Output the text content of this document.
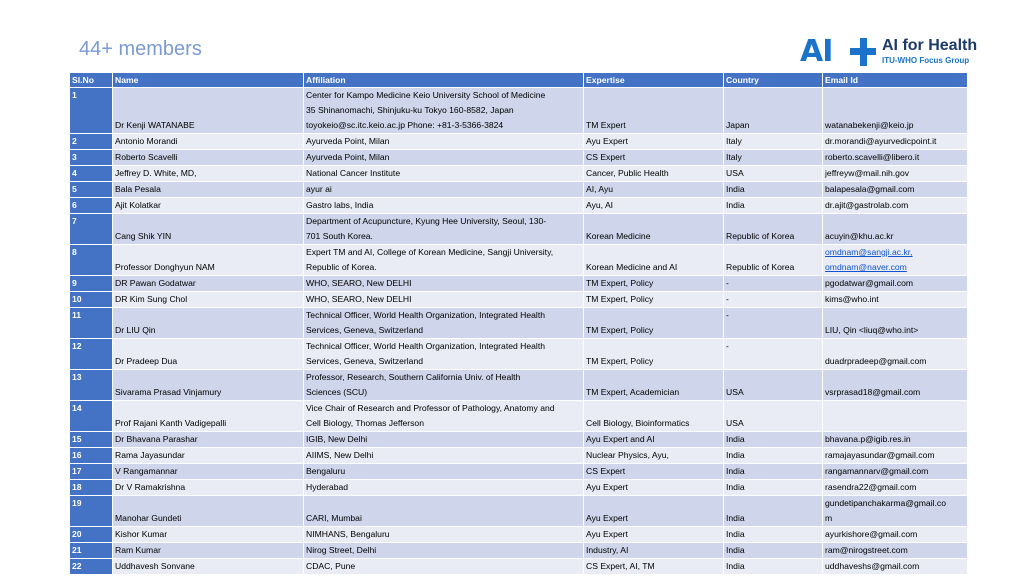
44+ members	AI	AI for Health
ITU-WHO Focus Group
Sl.No	Name	Affiliation	Expertise	Country	Email Id
1	Dr Kenji WATANABE	Center for Kampo Medicine Keio University School of Medicine
35 Shinanomachi, Shinjuku-ku Tokyo 160-8582, Japan
toyokeio@sc.itc.keio.ac.jp Phone: +81-3-5366-3824	TM Expert	Japan	watanabekenji@keio.jp
2	Antonio Morandi	Ayurveda Point, Milan	Ayu Expert	Italy	dr.morandi@ayurvedicpoint.it
3	Roberto Scavelli	Ayurveda Point, Milan	CS Expert	Italy	roberto.scavelli@libero.it
4	Jeffrey D. White, MD,	National Cancer Institute	Cancer, Public Health	USA	jeffreyw@mail.nih.gov
5	Bala Pesala	ayur ai	AI, Ayu	India	balapesala@gmail.com
6	Ajit Kolatkar	Gastro labs, India	Ayu, AI	India	dr.ajit@gastrolab.com
7	Cang Shik YIN	Department of Acupuncture, Kyung Hee University, Seoul, 130-
701 South Korea.	Korean Medicine	Republic of Korea	acuyin@khu.ac.kr
8	Professor Donghyun NAM	Expert TM and AI, College of Korean Medicine, Sangji University,
Republic of Korea.	Korean Medicine and AI	Republic of Korea	omdnam@sangji.ac.kr,
omdnam@naver.com
9	DR Pawan Godatwar	WHO, SEARO, New DELHI	TM Expert, Policy	-	pgodatwar@gmail.com
10	DR Kim Sung Chol	WHO, SEARO, New DELHI	TM Expert, Policy	-	kims@who.int
11	Dr LIU Qin	Technical Officer, World Health Organization, Integrated Health
Services, Geneva, Switzerland	TM Expert, Policy	-	LIU, Qin <liuq@who.int>
12	Dr Pradeep Dua	Technical Officer, World Health Organization, Integrated Health
Services, Geneva, Switzerland	TM Expert, Policy	-	duadrpradeep@gmail.com
13	Sivarama Prasad Vinjamury	Professor, Research, Southern California Univ. of Health
Sciences (SCU)	TM Expert, Academician	USA	vsrprasad18@gmail.com
14	Prof Rajani Kanth Vadigepalli	Vice Chair of Research and Professor of Pathology, Anatomy and
Cell Biology, Thomas Jefferson	Cell Biology, Bioinformatics	USA	
15	Dr Bhavana Parashar	IGIB, New Delhi	Ayu Expert and AI	India	bhavana.p@igib.res.in
16	Rama Jayasundar	AIIMS, New Delhi	Nuclear Physics, Ayu,	India	ramajayasundar@gmail.com
17	V Rangamannar	Bengaluru	CS Expert	India	rangamannarv@gmail.com
18	Dr V Ramakrishna	Hyderabad	Ayu Expert	India	rasendra22@gmail.com
19	Manohar Gundeti	CARI, Mumbai	Ayu Expert	India	gundetipanchakarma@gmail.co
m
20	Kishor Kumar	NIMHANS, Bengaluru	Ayu Expert	India	ayurkishore@gmail.com
21	Ram Kumar	Nirog Street, Delhi	Industry, AI	India	ram@nirogstreet.com
22	Uddhavesh Sonvane	CDAC, Pune	CS Expert, AI, TM	India	uddhaveshs@gmail.com
